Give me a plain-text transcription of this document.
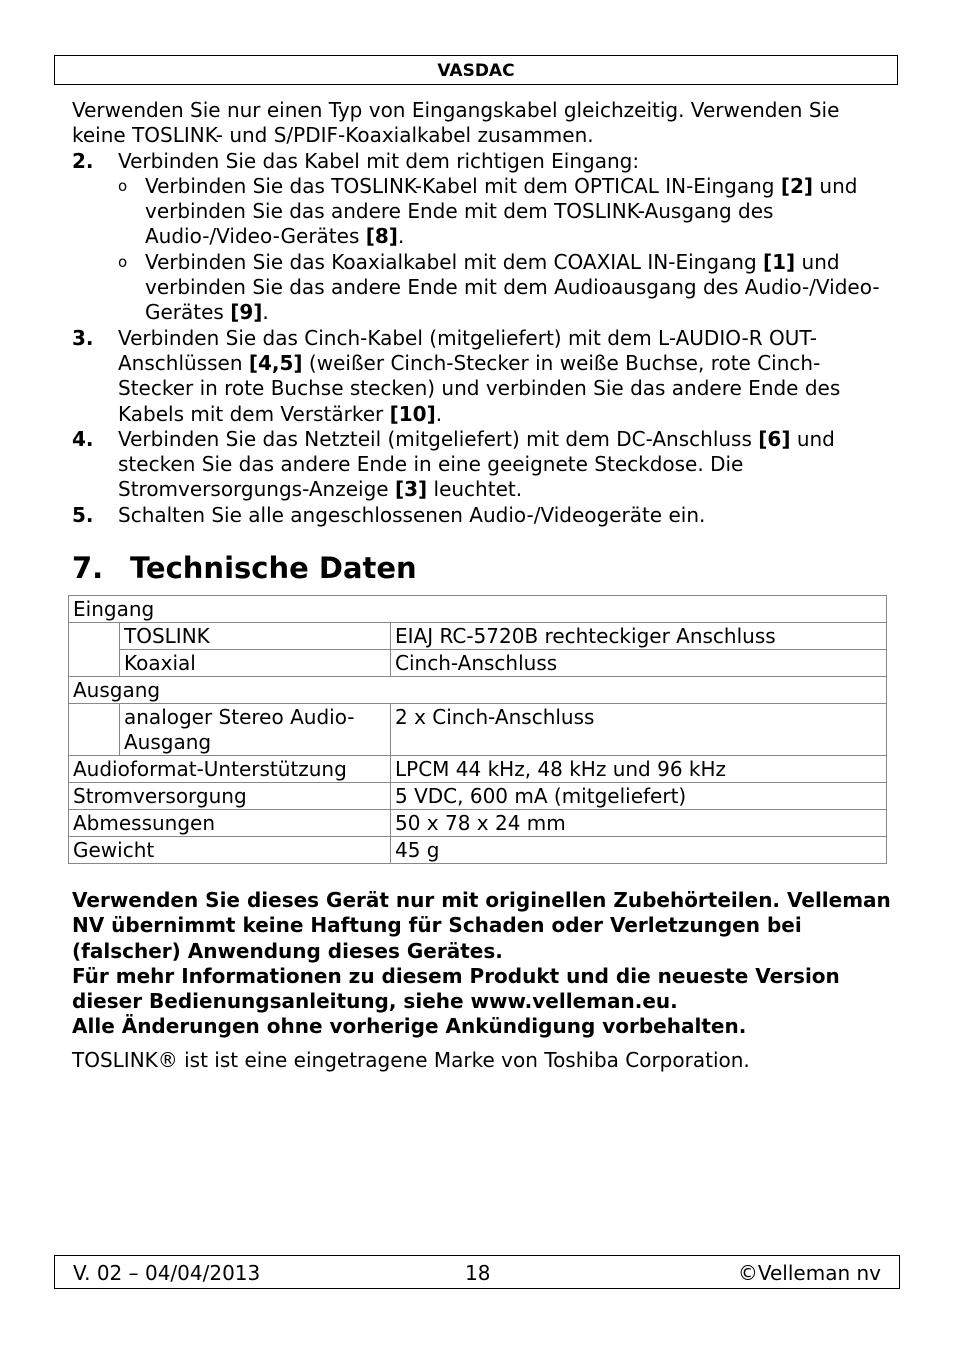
VASDAC

Verwenden Sie nur einen Typ von Eingangskabel gleichzeitig. Verwenden Sie keine TOSLINK- und S/PDIF-Koaxialkabel zusammen.

2. Verbinden Sie das Kabel mit dem richtigen Eingang:
o Verbinden Sie das TOSLINK-Kabel mit dem OPTICAL IN-Eingang [2] und verbinden Sie das andere Ende mit dem TOSLINK-Ausgang des Audio-/Video-Gerätes [8].
o Verbinden Sie das Koaxialkabel mit dem COAXIAL IN-Eingang [1] und verbinden Sie das andere Ende mit dem Audioausgang des Audio-/Video-Gerätes [9].
3. Verbinden Sie das Cinch-Kabel (mitgeliefert) mit dem L-AUDIO-R OUT-Anschlüssen [4,5] (weißer Cinch-Stecker in weiße Buchse, rote Cinch-Stecker in rote Buchse stecken) und verbinden Sie das andere Ende des Kabels mit dem Verstärker [10].
4. Verbinden Sie das Netzteil (mitgeliefert) mit dem DC-Anschluss [6] und stecken Sie das andere Ende in eine geeignete Steckdose. Die Stromversorgungs-Anzeige [3] leuchtet.
5. Schalten Sie alle angeschlossenen Audio-/Videogeräte ein.
7. Technische Daten
Eingang		
	TOSLINK	EIAJ RC-5720B rechteckiger Anschluss
	Koaxial	Cinch-Anschluss
Ausgang		
	analoger Stereo Audio-Ausgang	2 x Cinch-Anschluss
Audioformat-Unterstützung		LPCM 44 kHz, 48 kHz und 96 kHz
Stromversorgung		5 VDC, 600 mA (mitgeliefert)
Abmessungen		50 x 78 x 24 mm
Gewicht		45 g

Verwenden Sie dieses Gerät nur mit originellen Zubehörteilen. Velleman NV übernimmt keine Haftung für Schaden oder Verletzungen bei (falscher) Anwendung dieses Gerätes.

Für mehr Informationen zu diesem Produkt und die neueste Version dieser Bedienungsanleitung, siehe www.velleman.eu.

Alle Änderungen ohne vorherige Ankündigung vorbehalten.

TOSLINK® ist ist eine eingetragene Marke von Toshiba Corporation.

V. 02 – 04/04/2013	18	©Velleman nv
